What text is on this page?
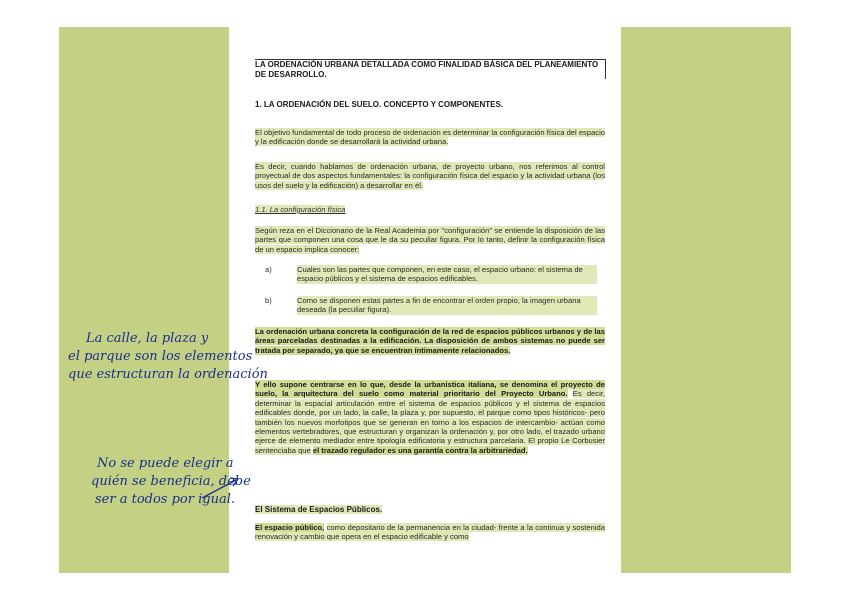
LA ORDENACIÓN URBANA DETALLADA COMO FINALIDAD BÁSICA DEL PLANEAMIENTO DE DESARROLLO.

1. LA ORDENACIÓN DEL SUELO. CONCEPTO Y COMPONENTES.

El objetivo fundamental de todo proceso de ordenación es determinar la configuración física del espacio y la edificación donde se desarrollará la actividad urbana.

Es decir, cuando hablamos de ordenación urbana, de proyecto urbano, nos referimos al control proyectual de dos aspectos fundamentales: la configuración física del espacio y la actividad urbana (los usos del suelo y la edificación) a desarrollar en él.

1.1. La configuración física

Según reza en el Diccionario de la Real Academia por "configuración" se entiende la disposición de las partes que componen una cosa que le da su peculiar figura. Por lo tanto, definir la configuración física de un espacio implica conocer:

a)	Cuales son las partes que componen, en este caso, el espacio urbano: el sistema de espacio públicos y el sistema de espacios edificables.
b)	Como se disponen estas partes a fin de encontrar el orden propio, la imagen urbana deseada (la peculiar figura).

La ordenación urbana concreta la configuración de la red de espacios públicos urbanos y de las áreas parceladas destinadas a la edificación. La disposición de ambos sistemas no puede ser tratada por separado, ya que se encuentran íntimamente relacionados.

Y ello supone centrarse en lo que, desde la urbanística italiana, se denomina el proyecto de suelo, la arquitectura del suelo como material prioritario del Proyecto Urbano. Es decir, determinar la espacial articulación entre el sistema de espacios públicos y el sistema de espacios edificables donde, por un lado, la calle, la plaza y, por supuesto, el parque como tipos históricos- pero también los nuevos morfotipos que se generan en torno a los espacios de intercambio- actúan como elementos vertebradores, que estructuran y organizan la ordenación y, por otro lado, el trazado urbano ejerce de elemento mediador entre tipología edificatoria y estructura parcelaria. El propio Le Corbusier sentenciaba que el trazado regulador es una garantía contra la arbitrariedad.

El Sistema de Espacios Públicos.

El espacio público, como depositario de la permanencia en la ciudad- frente a la continua y sostenida renovación y cambio que opera en el espacio edificable y como

La calle, la plaza y
el parque son los elementos
que estructuran la ordenación
No se puede elegir a
quién se beneficia, debe
ser a todos por igual.
